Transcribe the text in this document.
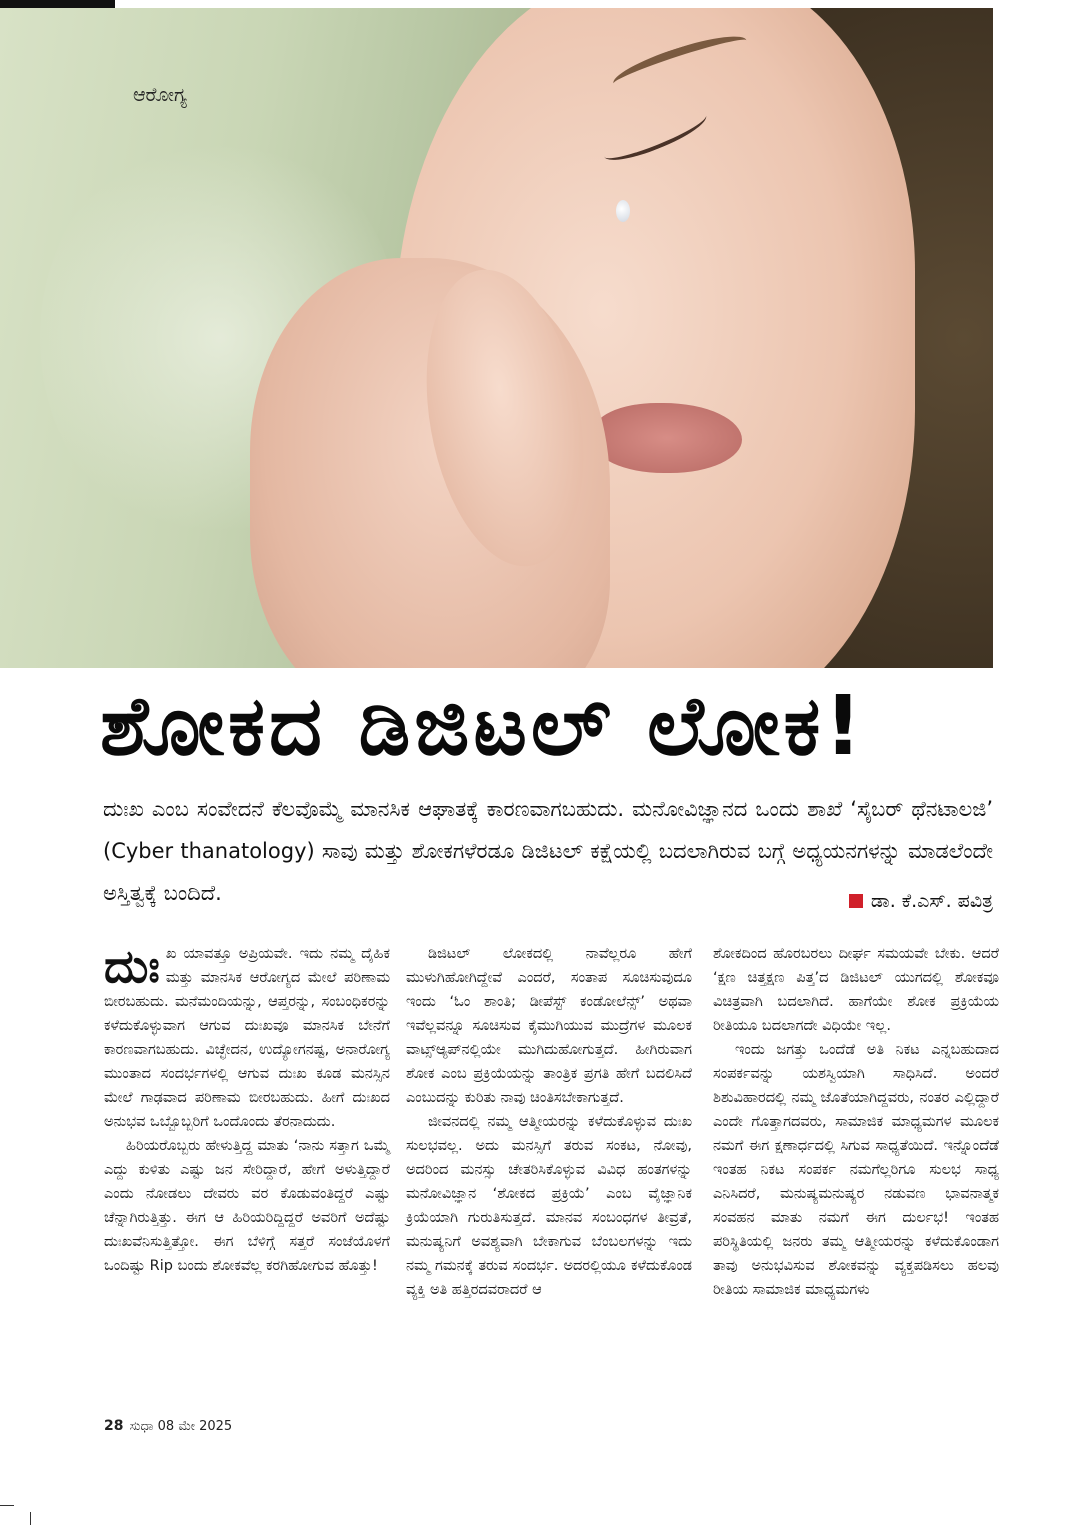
ಆರೋಗ್ಯ
ಶೋಕದ ಡಿಜಿಟಲ್ ಲೋಕ!

ದುಃಖ ಎಂಬ ಸಂವೇದನೆ ಕೆಲವೊಮ್ಮೆ ಮಾನಸಿಕ ಆಘಾತಕ್ಕೆ ಕಾರಣವಾಗಬಹುದು. ಮನೋವಿಜ್ಞಾನದ ಒಂದು ಶಾಖೆ ‘ಸೈಬರ್ ಥೆನಟಾಲಜಿ’ (Cyber thanatology) ಸಾವು ಮತ್ತು ಶೋಕಗಳೆರಡೂ ಡಿಜಿಟಲ್ ಕಕ್ಷೆಯಲ್ಲಿ ಬದಲಾಗಿರುವ ಬಗ್ಗೆ ಅಧ್ಯಯನಗಳನ್ನು ಮಾಡಲೆಂದೇ ಅಸ್ತಿತ್ವಕ್ಕೆ ಬಂದಿದೆ.	ಡಾ. ಕೆ.ಎಸ್. ಪವಿತ್ರ

ದುಃಖ ಯಾವತ್ತೂ ಅಪ್ರಿಯವೇ. ಇದು ನಮ್ಮ ದೈಹಿಕ ಮತ್ತು ಮಾನಸಿಕ ಆರೋಗ್ಯದ ಮೇಲೆ ಪರಿಣಾಮ ಬೀರಬಹುದು. ಮನೆಮಂದಿಯನ್ನು, ಆಪ್ತರನ್ನು, ಸಂಬಂಧಿಕರನ್ನು ಕಳೆದುಕೊಳ್ಳುವಾಗ ಆಗುವ ದುಃಖವೂ ಮಾನಸಿಕ ಬೇನೆಗೆ ಕಾರಣವಾಗಬಹುದು. ವಿಚ್ಛೇದನ, ಉದ್ಯೋಗನಷ್ಟ, ಅನಾರೋಗ್ಯ ಮುಂತಾದ ಸಂದರ್ಭಗಳಲ್ಲಿ ಆಗುವ ದುಃಖ ಕೂಡ ಮನಸ್ಸಿನ ಮೇಲೆ ಗಾಢವಾದ ಪರಿಣಾಮ ಬೀರಬಹುದು. ಹೀಗೆ ದುಃಖದ ಅನುಭವ ಒಬ್ಬೊಬ್ಬರಿಗೆ ಒಂದೊಂದು ತೆರನಾದುದು.

ಹಿರಿಯರೊಬ್ಬರು ಹೇಳುತ್ತಿದ್ದ ಮಾತು ‘ನಾನು ಸತ್ತಾಗ ಒಮ್ಮೆ ಎದ್ದು ಕುಳಿತು ಎಷ್ಟು ಜನ ಸೇರಿದ್ದಾರೆ, ಹೇಗೆ ಅಳುತ್ತಿದ್ದಾರೆ ಎಂದು ನೋಡಲು ದೇವರು ವರ ಕೊಡುವಂತಿದ್ದರೆ ಎಷ್ಟು ಚೆನ್ನಾಗಿರುತ್ತಿತ್ತು. ಈಗ ಆ ಹಿರಿಯರಿದ್ದಿದ್ದರೆ ಅವರಿಗೆ ಅದೆಷ್ಟು ದುಃಖವೆನಿಸುತ್ತಿತ್ತೋ. ಈಗ ಬೆಳಿಗ್ಗೆ ಸತ್ತರೆ ಸಂಜೆಯೊಳಗೆ ಒಂದಿಷ್ಟು Rip ಬಂದು ಶೋಕವೆಲ್ಲ ಕರಗಿಹೋಗುವ ಹೊತ್ತು!

ಡಿಜಿಟಲ್ ಲೋಕದಲ್ಲಿ ನಾವೆಲ್ಲರೂ ಹೇಗೆ ಮುಳುಗಿಹೋಗಿದ್ದೇವೆ ಎಂದರೆ, ಸಂತಾಪ ಸೂಚಿಸುವುದೂ ಇಂದು ‘ಓಂ ಶಾಂತಿ; ಡೀಪೆಸ್ಟ್ ಕಂಡೋಲೆನ್ಸ್’ ಅಥವಾ ಇವೆಲ್ಲವನ್ನೂ ಸೂಚಿಸುವ ಕೈಮುಗಿಯುವ ಮುದ್ರೆಗಳ ಮೂಲಕ ವಾಟ್ಸ್ಆ್ಯಪ್‌ನಲ್ಲಿಯೇ ಮುಗಿದುಹೋಗುತ್ತದೆ. ಹೀಗಿರುವಾಗ ಶೋಕ ಎಂಬ ಪ್ರಕ್ರಿಯೆಯನ್ನು ತಾಂತ್ರಿಕ ಪ್ರಗತಿ ಹೇಗೆ ಬದಲಿಸಿದೆ ಎಂಬುದನ್ನು ಕುರಿತು ನಾವು ಚಿಂತಿಸಬೇಕಾಗುತ್ತದೆ.

ಜೀವನದಲ್ಲಿ ನಮ್ಮ ಆತ್ಮೀಯರನ್ನು ಕಳೆದುಕೊಳ್ಳುವ ದುಃಖ ಸುಲಭವಲ್ಲ. ಅದು ಮನಸ್ಸಿಗೆ ತರುವ ಸಂಕಟ, ನೋವು, ಅದರಿಂದ ಮನಸ್ಸು ಚೇತರಿಸಿಕೊಳ್ಳುವ ವಿವಿಧ ಹಂತಗಳನ್ನು ಮನೋವಿಜ್ಞಾನ ‘ಶೋಕದ ಪ್ರಕ್ರಿಯೆ’ ಎಂಬ ವೈಜ್ಞಾನಿಕ ಕ್ರಿಯೆಯಾಗಿ ಗುರುತಿಸುತ್ತದೆ. ಮಾನವ ಸಂಬಂಧಗಳ ತೀವ್ರತೆ, ಮನುಷ್ಯನಿಗೆ ಅವಶ್ಯವಾಗಿ ಬೇಕಾಗುವ ಬೆಂಬಲಗಳನ್ನು ಇದು ನಮ್ಮ ಗಮನಕ್ಕೆ ತರುವ ಸಂದರ್ಭ. ಅದರಲ್ಲಿಯೂ ಕಳೆದುಕೊಂಡ ವ್ಯಕ್ತಿ ಅತಿ ಹತ್ತಿರದವರಾದರೆ ಆ

ಶೋಕದಿಂದ ಹೊರಬರಲು ದೀರ್ಘ ಸಮಯವೇ ಬೇಕು. ಆದರೆ ‘ಕ್ಷಣ ಚಿತ್ತಕ್ಷಣ ಪಿತ್ತ’ದ ಡಿಜಿಟಲ್ ಯುಗದಲ್ಲಿ ಶೋಕವೂ ವಿಚಿತ್ರವಾಗಿ ಬದಲಾಗಿದೆ. ಹಾಗೆಯೇ ಶೋಕ ಪ್ರಕ್ರಿಯೆಯ ರೀತಿಯೂ ಬದಲಾಗದೇ ವಿಧಿಯೇ ಇಲ್ಲ.

ಇಂದು ಜಗತ್ತು ಒಂದೆಡೆ ಅತಿ ನಿಕಟ ಎನ್ನಬಹುದಾದ ಸಂಪರ್ಕವನ್ನು ಯಶಸ್ವಿಯಾಗಿ ಸಾಧಿಸಿದೆ. ಅಂದರೆ ಶಿಶುವಿಹಾರದಲ್ಲಿ ನಮ್ಮ ಜೊತೆಯಾಗಿದ್ದವರು, ನಂತರ ಎಲ್ಲಿದ್ದಾರೆ ಎಂದೇ ಗೊತ್ತಾಗದವರು, ಸಾಮಾಜಿಕ ಮಾಧ್ಯಮಗಳ ಮೂಲಕ ನಮಗೆ ಈಗ ಕ್ಷಣಾರ್ಧದಲ್ಲಿ ಸಿಗುವ ಸಾಧ್ಯತೆಯಿದೆ. ಇನ್ನೊಂದೆಡೆ ಇಂತಹ ನಿಕಟ ಸಂಪರ್ಕ ನಮಗೆಲ್ಲರಿಗೂ ಸುಲಭ ಸಾಧ್ಯ ಎನಿಸಿದರೆ, ಮನುಷ್ಯಮನುಷ್ಯರ ನಡುವಣ ಭಾವನಾತ್ಮಕ ಸಂವಹನ ಮಾತು ನಮಗೆ ಈಗ ದುರ್ಲಭ! ಇಂತಹ ಪರಿಸ್ಥಿತಿಯಲ್ಲಿ ಜನರು ತಮ್ಮ ಆತ್ಮೀಯರನ್ನು ಕಳೆದುಕೊಂಡಾಗ ತಾವು ಅನುಭವಿಸುವ ಶೋಕವನ್ನು ವ್ಯಕ್ತಪಡಿಸಲು ಹಲವು ರೀತಿಯ ಸಾಮಾಜಿಕ ಮಾಧ್ಯಮಗಳು

28 ಸುಧಾ 08 ಮೇ 2025
